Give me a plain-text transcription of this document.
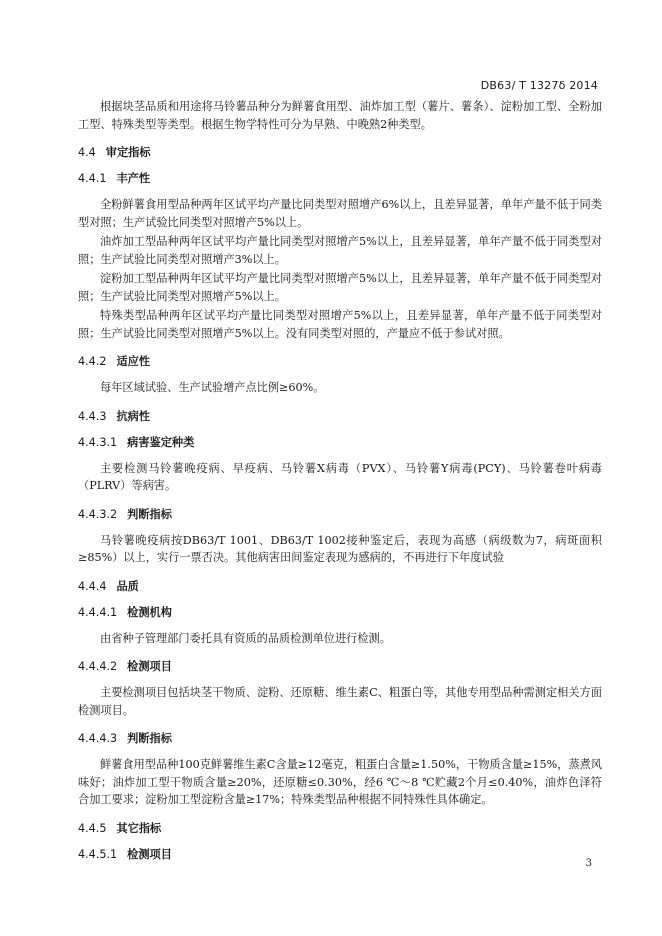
DB63/ T 1327δ 2014

根据块茎品质和用途将马铃薯品种分为鲜薯食用型、油炸加工型（薯片、薯条）、淀粉加工型、全粉加工型、特殊类型等类型。根据生物学特性可分为早熟、中晚熟2种类型。

4.4 审定指标
4.4.1 丰产性

全粉鲜薯食用型品种两年区试平均产量比同类型对照增产6%以上，且差异显著，单年产量不低于同类型对照；生产试验比同类型对照增产5%以上。

油炸加工型品种两年区试平均产量比同类型对照增产5%以上，且差异显著，单年产量不低于同类型对照；生产试验比同类型对照增产3%以上。

淀粉加工型品种两年区试平均产量比同类型对照增产5%以上，且差异显著，单年产量不低于同类型对照；生产试验比同类型对照增产5%以上。

特殊类型品种两年区试平均产量比同类型对照增产5%以上，且差异显著，单年产量不低于同类型对照；生产试验比同类型对照增产5%以上。没有同类型对照的，产量应不低于参试对照。

4.4.2 适应性

每年区域试验、生产试验增产点比例≥60%。

4.4.3 抗病性
4.4.3.1 病害鉴定种类

主要检测马铃薯晚疫病、早疫病、马铃薯X病毒（PVX）、马铃薯Y病毒(PCY)、马铃薯卷叶病毒（PLRV）等病害。

4.4.3.2 判断指标

马铃薯晚疫病按DB63/T 1001、DB63/T 1002接种鉴定后，表现为高感（病级数为7，病斑面积≥85%）以上，实行一票否决。其他病害田间鉴定表现为感病的，不再进行下年度试验

4.4.4 品质
4.4.4.1 检测机构

由省种子管理部门委托具有资质的品质检测单位进行检测。

4.4.4.2 检测项目

主要检测项目包括块茎干物质、淀粉、还原糖、维生素C、粗蛋白等，其他专用型品种需测定相关方面检测项目。

4.4.4.3 判断指标

鲜薯食用型品种100克鲜薯维生素C含量≥12毫克，粗蛋白含量≥1.50%，干物质含量≥15%，蒸煮风味好；油炸加工型干物质含量≥20%，还原糖≤0.30%，经6 ℃～8 ℃贮藏2个月≤0.40%，油炸色泽符合加工要求；淀粉加工型淀粉含量≥17%；特殊类型品种根据不同特殊性具体确定。

4.4.5 其它指标
4.4.5.1 检测项目
3
